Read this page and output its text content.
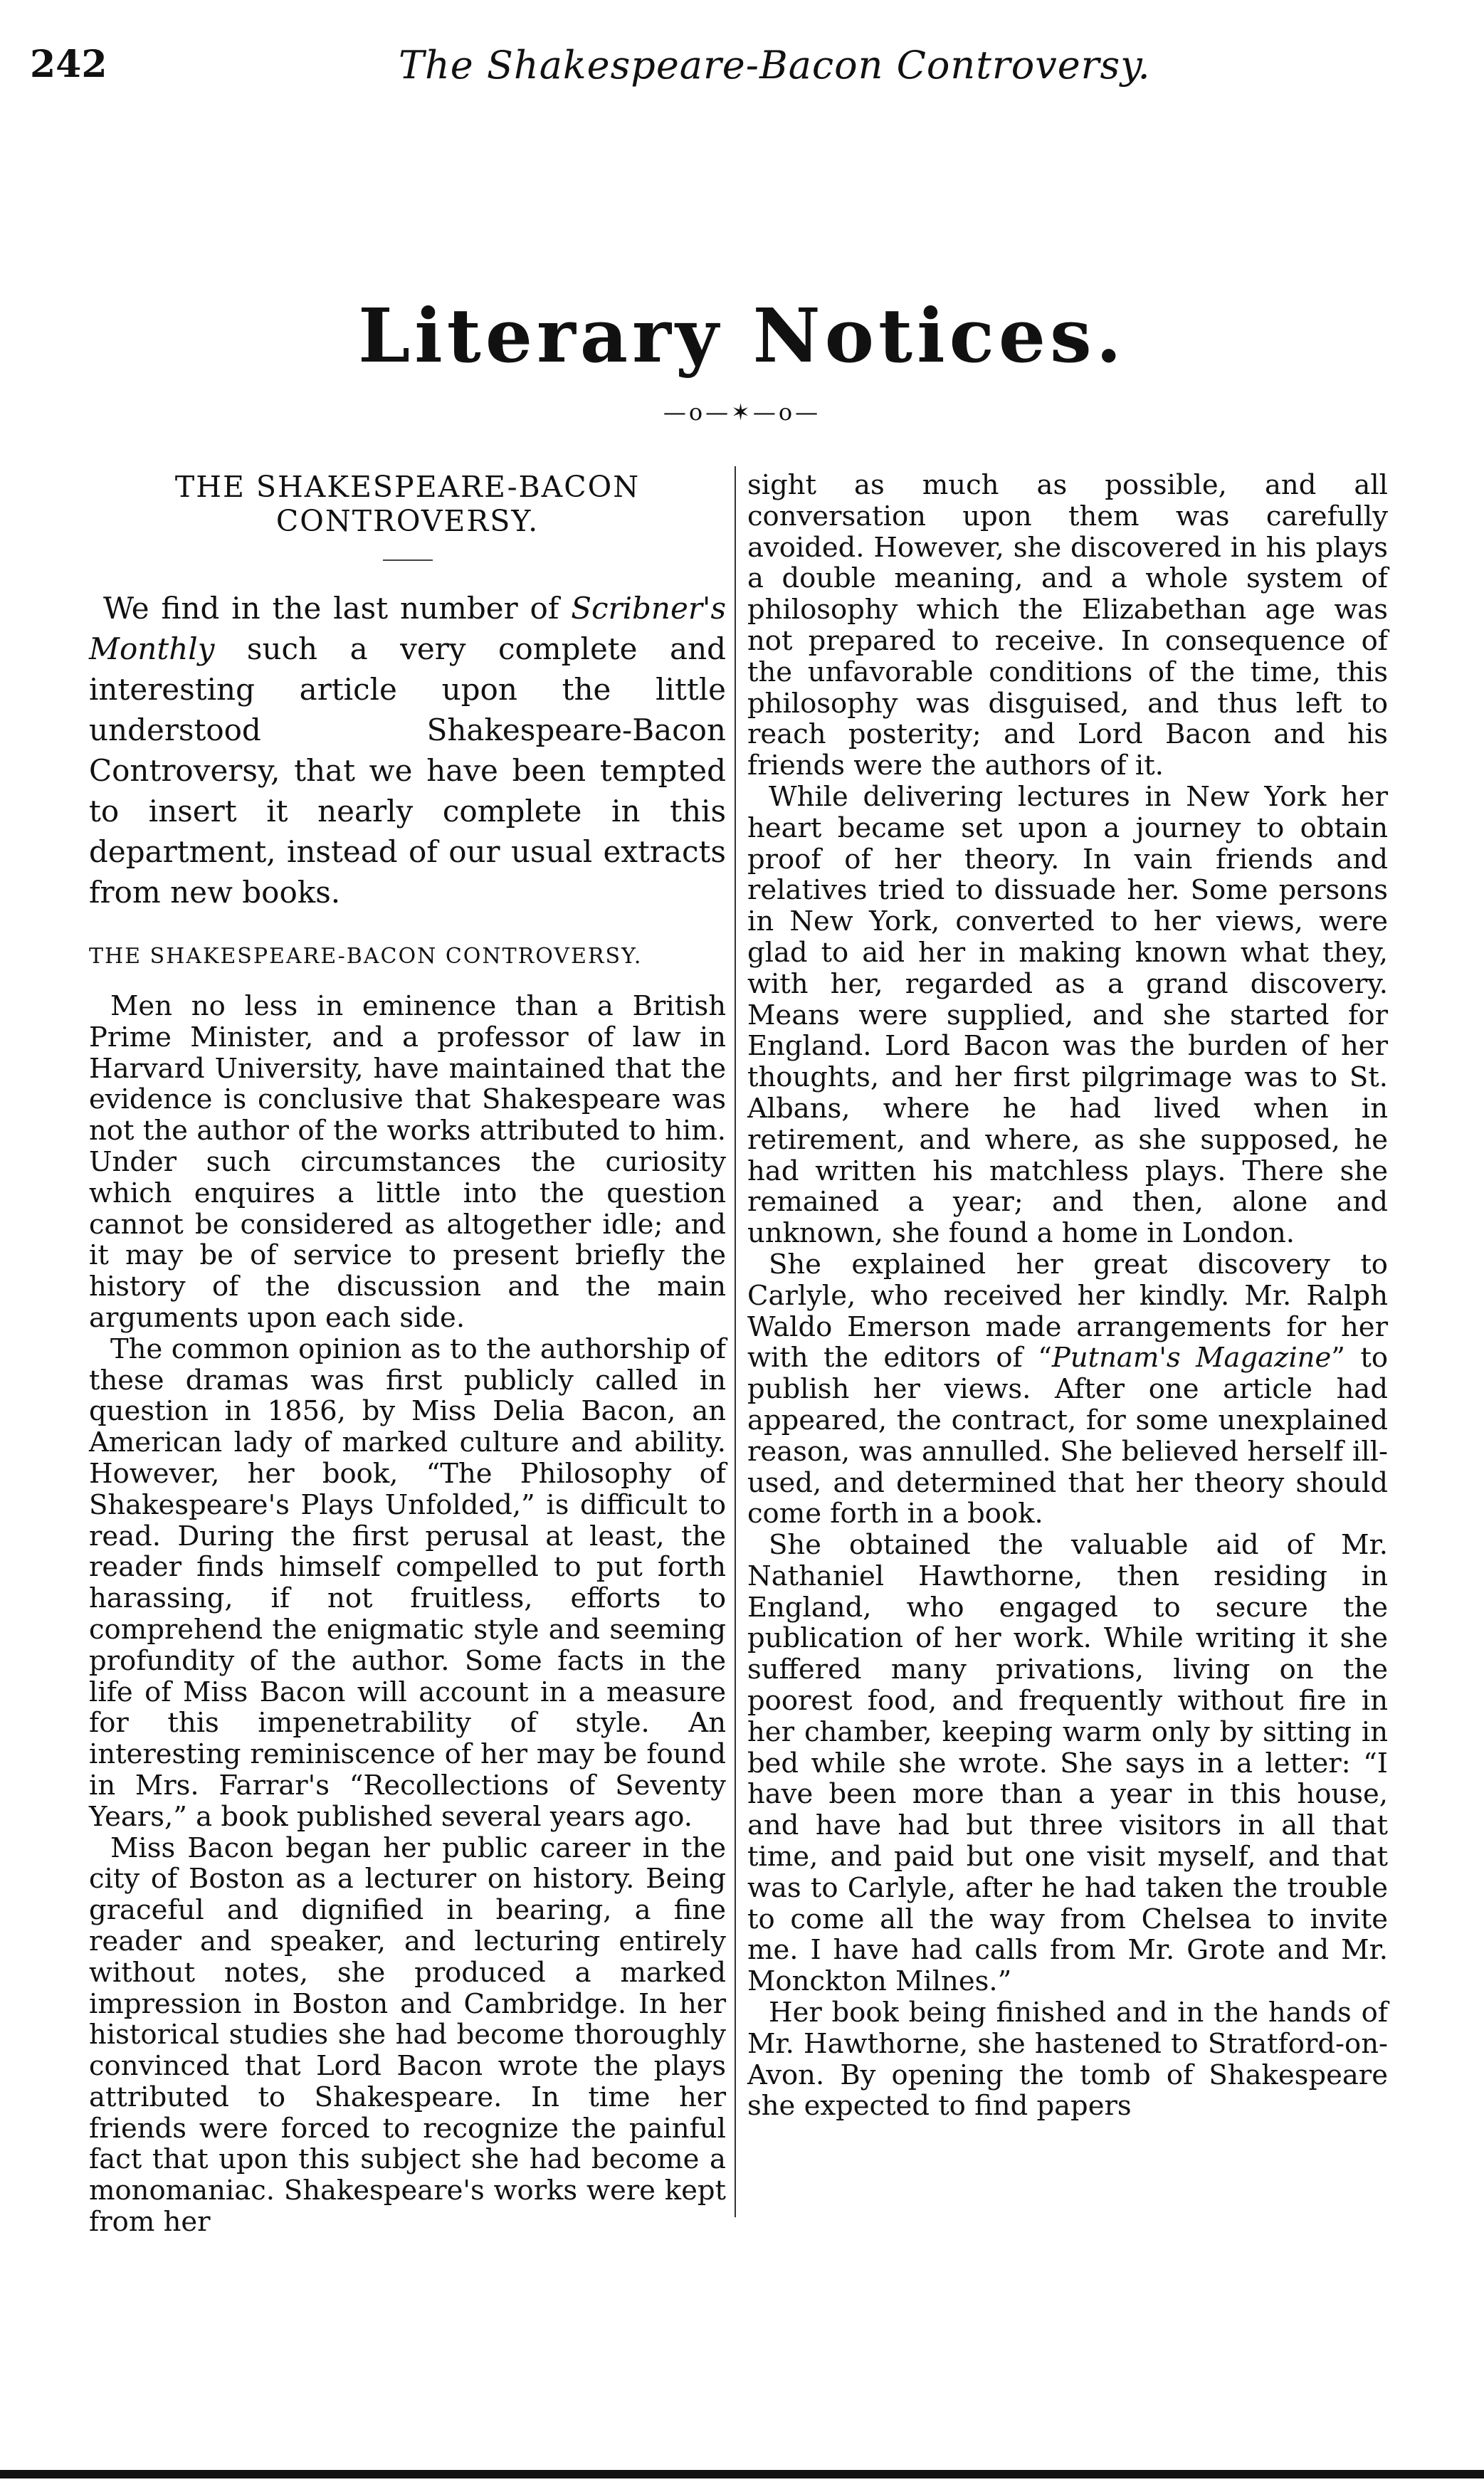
242	The Shakespeare-Bacon Controversy.
Literary Notices.
—o—✶—o—
THE SHAKESPEARE-BACON CONTROVERSY.

We find in the last number of Scribner's Monthly such a very complete and interesting article upon the little understood Shakespeare-Bacon Controversy, that we have been tempted to insert it nearly complete in this department, instead of our usual extracts from new books.

THE SHAKESPEARE-BACON CONTROVERSY.

Men no less in eminence than a British Prime Minister, and a professor of law in Harvard University, have maintained that the evidence is conclusive that Shakespeare was not the author of the works attributed to him. Under such circumstances the curiosity which enquires a little into the question cannot be considered as altogether idle; and it may be of service to present briefly the history of the discussion and the main arguments upon each side.

The common opinion as to the authorship of these dramas was first publicly called in question in 1856, by Miss Delia Bacon, an American lady of marked culture and ability. However, her book, “The Philosophy of Shakespeare's Plays Unfolded,” is difficult to read. During the first perusal at least, the reader finds himself compelled to put forth harassing, if not fruitless, efforts to comprehend the enigmatic style and seeming profundity of the author. Some facts in the life of Miss Bacon will account in a measure for this impenetrability of style. An interesting reminiscence of her may be found in Mrs. Farrar's “Recollections of Seventy Years,” a book published several years ago.

Miss Bacon began her public career in the city of Boston as a lecturer on history. Being graceful and dignified in bearing, a fine reader and speaker, and lecturing entirely without notes, she produced a marked impression in Boston and Cambridge. In her historical studies she had become thoroughly convinced that Lord Bacon wrote the plays attributed to Shakespeare. In time her friends were forced to recognize the painful fact that upon this subject she had become a monomaniac. Shakespeare's works were kept from her

sight as much as possible, and all conversation upon them was carefully avoided. However, she discovered in his plays a double meaning, and a whole system of philosophy which the Elizabethan age was not prepared to receive. In consequence of the unfavorable conditions of the time, this philosophy was disguised, and thus left to reach posterity; and Lord Bacon and his friends were the authors of it.

While delivering lectures in New York her heart became set upon a journey to obtain proof of her theory. In vain friends and relatives tried to dissuade her. Some persons in New York, converted to her views, were glad to aid her in making known what they, with her, regarded as a grand discovery. Means were supplied, and she started for England. Lord Bacon was the burden of her thoughts, and her first pilgrimage was to St. Albans, where he had lived when in retirement, and where, as she supposed, he had written his matchless plays. There she remained a year; and then, alone and unknown, she found a home in London.

She explained her great discovery to Carlyle, who received her kindly. Mr. Ralph Waldo Emerson made arrangements for her with the editors of “Putnam's Magazine” to publish her views. After one article had appeared, the contract, for some unexplained reason, was annulled. She believed herself ill-used, and determined that her theory should come forth in a book.

She obtained the valuable aid of Mr. Nathaniel Hawthorne, then residing in England, who engaged to secure the publication of her work. While writing it she suffered many privations, living on the poorest food, and frequently without fire in her chamber, keeping warm only by sitting in bed while she wrote. She says in a letter: “I have been more than a year in this house, and have had but three visitors in all that time, and paid but one visit myself, and that was to Carlyle, after he had taken the trouble to come all the way from Chelsea to invite me. I have had calls from Mr. Grote and Mr. Monckton Milnes.”

Her book being finished and in the hands of Mr. Hawthorne, she hastened to Stratford-on-Avon. By opening the tomb of Shakespeare she expected to find papers
